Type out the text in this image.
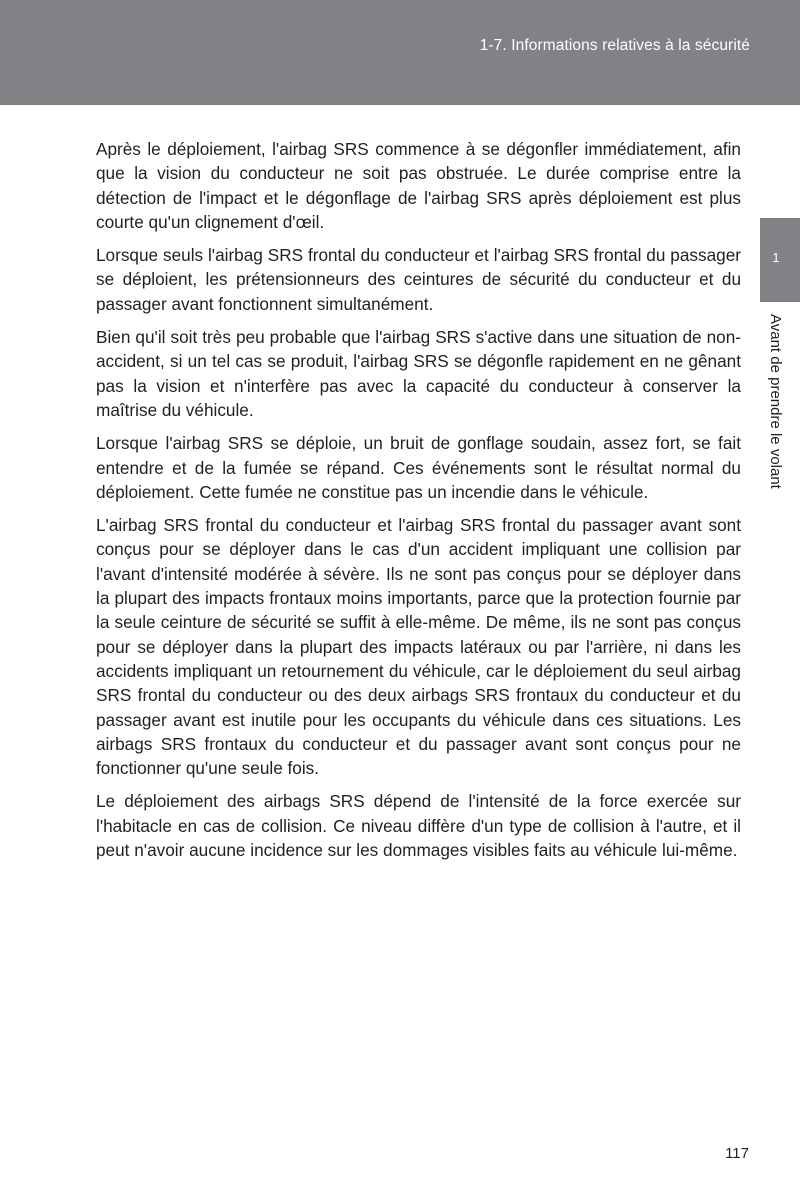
1-7. Informations relatives à la sécurité
1
Avant de prendre le volant

Après le déploiement, l'airbag SRS commence à se dégonfler immédiatement, afin que la vision du conducteur ne soit pas obstruée. Le durée comprise entre la détection de l'impact et le dégonflage de l'airbag SRS après déploiement est plus courte qu'un clignement d'œil.

Lorsque seuls l'airbag SRS frontal du conducteur et l'airbag SRS frontal du passager se déploient, les prétensionneurs des ceintures de sécurité du conducteur et du passager avant fonctionnent simultanément.

Bien qu'il soit très peu probable que l'airbag SRS s'active dans une situation de non-accident, si un tel cas se produit, l'airbag SRS se dégonfle rapidement en ne gênant pas la vision et n'interfère pas avec la capacité du conducteur à conserver la maîtrise du véhicule.

Lorsque l'airbag SRS se déploie, un bruit de gonflage soudain, assez fort, se fait entendre et de la fumée se répand. Ces événements sont le résultat normal du déploiement. Cette fumée ne constitue pas un incendie dans le véhicule.

L'airbag SRS frontal du conducteur et l'airbag SRS frontal du passager avant sont conçus pour se déployer dans le cas d'un accident impliquant une collision par l'avant d'intensité modérée à sévère. Ils ne sont pas conçus pour se déployer dans la plupart des impacts frontaux moins importants, parce que la protection fournie par la seule ceinture de sécurité se suffit à elle-même. De même, ils ne sont pas conçus pour se déployer dans la plupart des impacts latéraux ou par l'arrière, ni dans les accidents impliquant un retournement du véhicule, car le déploiement du seul airbag SRS frontal du conducteur ou des deux airbags SRS frontaux du conducteur et du passager avant est inutile pour les occupants du véhicule dans ces situations. Les airbags SRS frontaux du conducteur et du passager avant sont conçus pour ne fonctionner qu'une seule fois.

Le déploiement des airbags SRS dépend de l'intensité de la force exercée sur l'habitacle en cas de collision. Ce niveau diffère d'un type de collision à l'autre, et il peut n'avoir aucune incidence sur les dommages visibles faits au véhicule lui-même.

117
